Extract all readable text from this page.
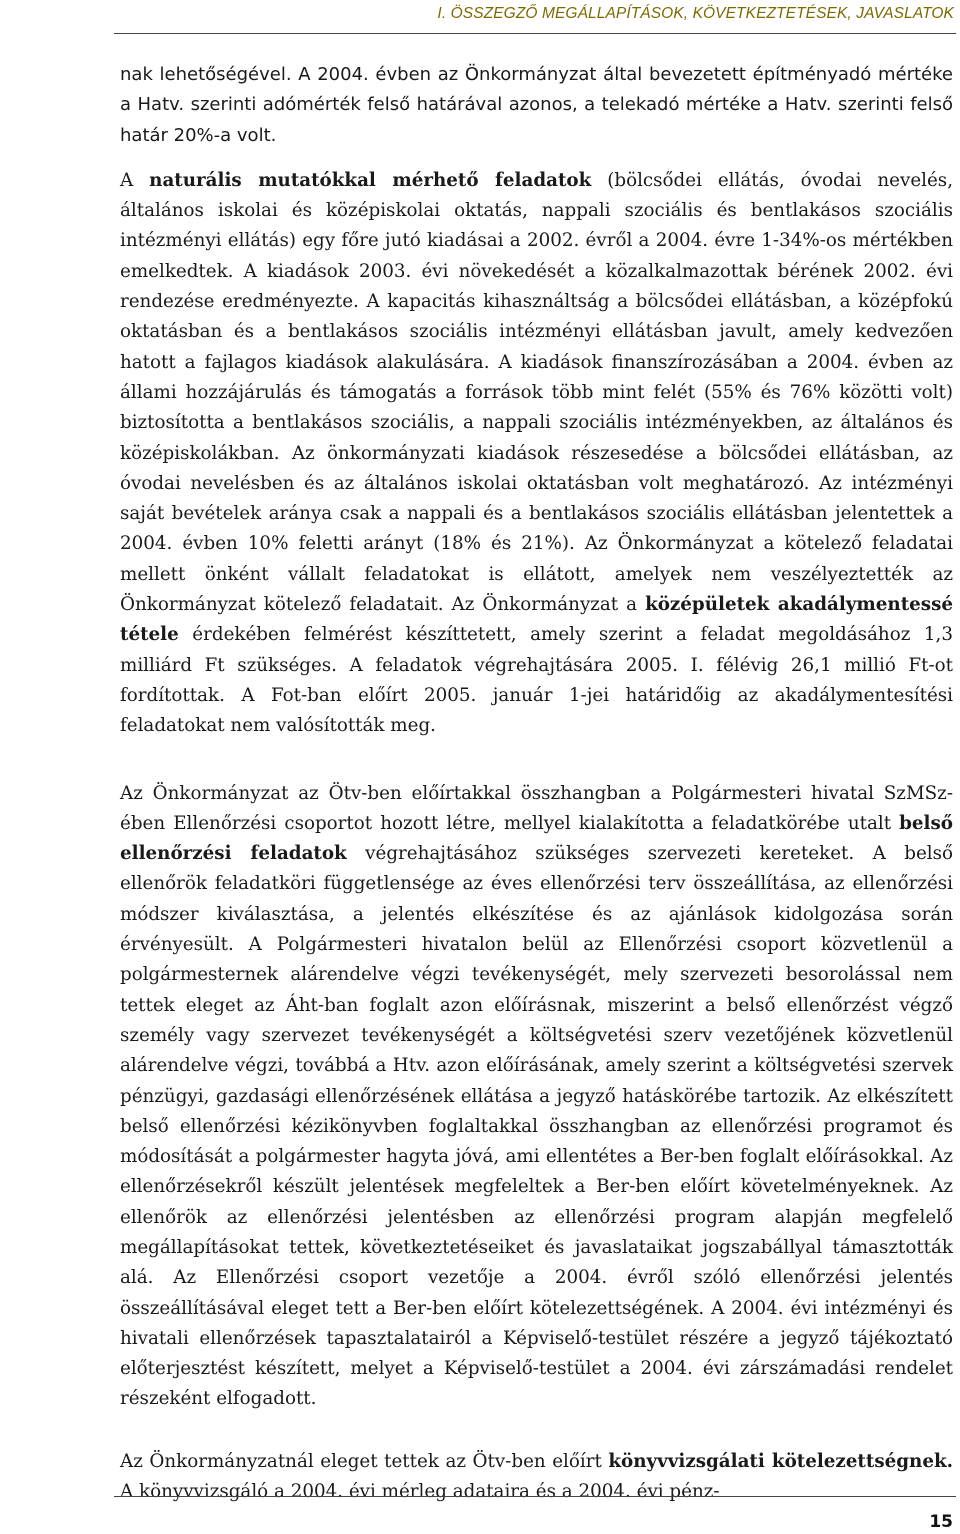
I. ÖSSZEGZŐ MEGÁLLAPÍTÁSOK, KÖVETKEZTETÉSEK, JAVASLATOK

nak lehetőségével. A 2004. évben az Önkormányzat által bevezetett építményadó mértéke a Hatv. szerinti adómérték felső határával azonos, a telekadó mértéke a Hatv. szerinti felső határ 20%-a volt.

A naturális mutatókkal mérhető feladatok (bölcsődei ellátás, óvodai nevelés, általános iskolai és középiskolai oktatás, nappali szociális és bentlakásos szociális intézményi ellátás) egy főre jutó kiadásai a 2002. évről a 2004. évre 1-34%-os mértékben emelkedtek. A kiadások 2003. évi növekedését a közalkalmazottak bérének 2002. évi rendezése eredményezte. A kapacitás kihasználtság a bölcsődei ellátásban, a középfokú oktatásban és a bentlakásos szociális intézményi ellátásban javult, amely kedvezően hatott a fajlagos kiadások alakulására. A kiadások finanszírozásában a 2004. évben az állami hozzájárulás és támogatás a források több mint felét (55% és 76% közötti volt) biztosította a bentlakásos szociális, a nappali szociális intézményekben, az általános és középiskolákban. Az önkormányzati kiadások részesedése a bölcsődei ellátásban, az óvodai nevelésben és az általános iskolai oktatásban volt meghatározó. Az intézményi saját bevételek aránya csak a nappali és a bentlakásos szociális ellátásban jelentettek a 2004. évben 10% feletti arányt (18% és 21%). Az Önkormányzat a kötelező feladatai mellett önként vállalt feladatokat is ellátott, amelyek nem veszélyeztették az Önkormányzat kötelező feladatait. Az Önkormányzat a középületek akadálymentessé tétele érdekében felmérést készíttetett, amely szerint a feladat megoldásához 1,3 milliárd Ft szükséges. A feladatok végrehajtására 2005. I. félévig 26,1 millió Ft-ot fordítottak. A Fot-ban előírt 2005. január 1-jei határidőig az akadálymentesítési feladatokat nem valósították meg.

Az Önkormányzat az Ötv-ben előírtakkal összhangban a Polgármesteri hivatal SzMSz-ében Ellenőrzési csoportot hozott létre, mellyel kialakította a feladatkörébe utalt belső ellenőrzési feladatok végrehajtásához szükséges szervezeti kereteket. A belső ellenőrök feladatköri függetlensége az éves ellenőrzési terv összeállítása, az ellenőrzési módszer kiválasztása, a jelentés elkészítése és az ajánlások kidolgozása során érvényesült. A Polgármesteri hivatalon belül az Ellenőrzési csoport közvetlenül a polgármesternek alárendelve végzi tevékenységét, mely szervezeti besorolással nem tettek eleget az Áht-ban foglalt azon előírásnak, miszerint a belső ellenőrzést végző személy vagy szervezet tevékenységét a költségvetési szerv vezetőjének közvetlenül alárendelve végzi, továbbá a Htv. azon előírásának, amely szerint a költségvetési szervek pénzügyi, gazdasági ellenőrzésének ellátása a jegyző hatáskörébe tartozik. Az elkészített belső ellenőrzési kézikönyvben foglaltakkal összhangban az ellenőrzési programot és módosítását a polgármester hagyta jóvá, ami ellentétes a Ber-ben foglalt előírásokkal. Az ellenőrzésekről készült jelentések megfeleltek a Ber-ben előírt követelményeknek. Az ellenőrök az ellenőrzési jelentésben az ellenőrzési program alapján megfelelő megállapításokat tettek, következtetéseiket és javaslataikat jogszabállyal támasztották alá. Az Ellenőrzési csoport vezetője a 2004. évről szóló ellenőrzési jelentés összeállításával eleget tett a Ber-ben előírt kötelezettségének. A 2004. évi intézményi és hivatali ellenőrzések tapasztalatairól a Képviselő-testület részére a jegyző tájékoztató előterjesztést készített, melyet a Képviselő-testület a 2004. évi zárszámadási rendelet részeként elfogadott.

Az Önkormányzatnál eleget tettek az Ötv-ben előírt könyvvizsgálati kötelezettségnek. A könyvvizsgáló a 2004. évi mérleg adataira és a 2004. évi pénz-

15
